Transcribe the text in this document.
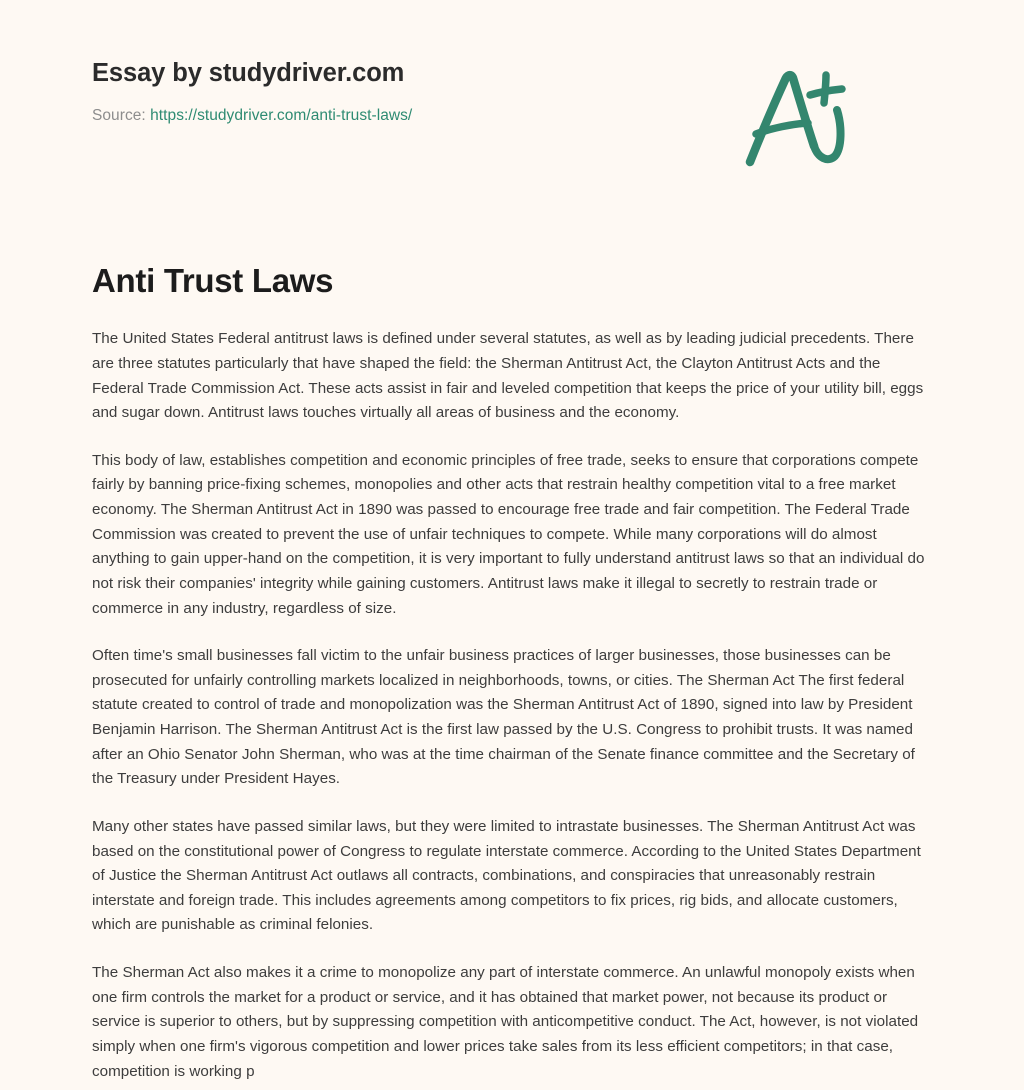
Essay by studydriver.com
Source: https://studydriver.com/anti-trust-laws/
Anti Trust Laws

The United States Federal antitrust laws is defined under several statutes, as well as by leading judicial precedents. There are three statutes particularly that have shaped the field: the Sherman Antitrust Act, the Clayton Antitrust Acts and the Federal Trade Commission Act. These acts assist in fair and leveled competition that keeps the price of your utility bill, eggs and sugar down. Antitrust laws touches virtually all areas of business and the economy.

This body of law, establishes competition and economic principles of free trade, seeks to ensure that corporations compete fairly by banning price-fixing schemes, monopolies and other acts that restrain healthy competition vital to a free market economy. The Sherman Antitrust Act in 1890 was passed to encourage free trade and fair competition. The Federal Trade Commission was created to prevent the use of unfair techniques to compete. While many corporations will do almost anything to gain upper-hand on the competition, it is very important to fully understand antitrust laws so that an individual do not risk their companies' integrity while gaining customers. Antitrust laws make it illegal to secretly to restrain trade or commerce in any industry, regardless of size.

Often time's small businesses fall victim to the unfair business practices of larger businesses, those businesses can be prosecuted for unfairly controlling markets localized in neighborhoods, towns, or cities. The Sherman Act The first federal statute created to control of trade and monopolization was the Sherman Antitrust Act of 1890, signed into law by President Benjamin Harrison. The Sherman Antitrust Act is the first law passed by the U.S. Congress to prohibit trusts. It was named after an Ohio Senator John Sherman, who was at the time chairman of the Senate finance committee and the Secretary of the Treasury under President Hayes.

Many other states have passed similar laws, but they were limited to intrastate businesses. The Sherman Antitrust Act was based on the constitutional power of Congress to regulate interstate commerce. According to the United States Department of Justice the Sherman Antitrust Act outlaws all contracts, combinations, and conspiracies that unreasonably restrain interstate and foreign trade. This includes agreements among competitors to fix prices, rig bids, and allocate customers, which are punishable as criminal felonies.

The Sherman Act also makes it a crime to monopolize any part of interstate commerce. An unlawful monopoly exists when one firm controls the market for a product or service, and it has obtained that market power, not because its product or service is superior to others, but by suppressing competition with anticompetitive conduct. The Act, however, is not violated simply when one firm's vigorous competition and lower prices take sales from its less efficient competitors; in that case, competition is working p
